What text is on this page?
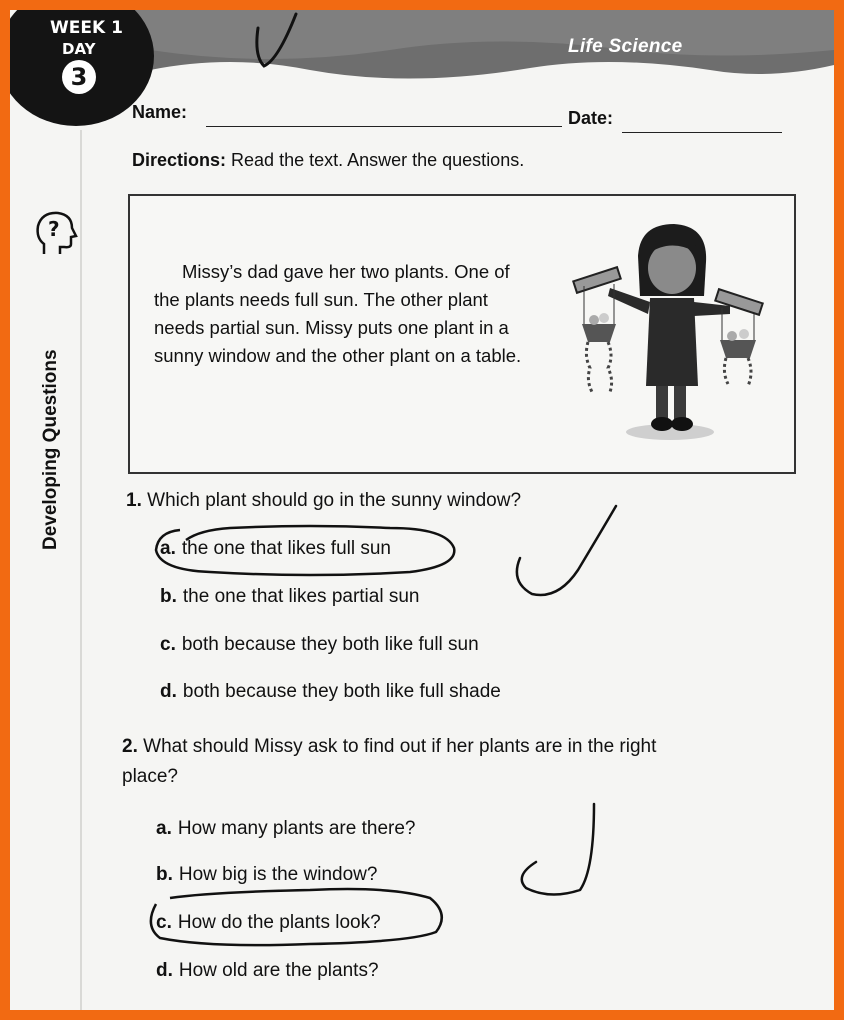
WEEK 1
DAY
3
Life Science
?
Developing Questions
Name:	Date:
Directions: Read the text. Answer the questions.
Missy’s dad gave her two plants. One of the plants needs full sun. The other plant needs partial sun. Missy puts one plant in a sunny window and the other plant on a table.
1. Which plant should go in the sunny window?
a. the one that likes full sun
b. the one that likes partial sun
c. both because they both like full sun
d. both because they both like full shade
2. What should Missy ask to find out if her plants are in the right place?
a. How many plants are there?
b. How big is the window?
c. How do the plants look?
d. How old are the plants?
